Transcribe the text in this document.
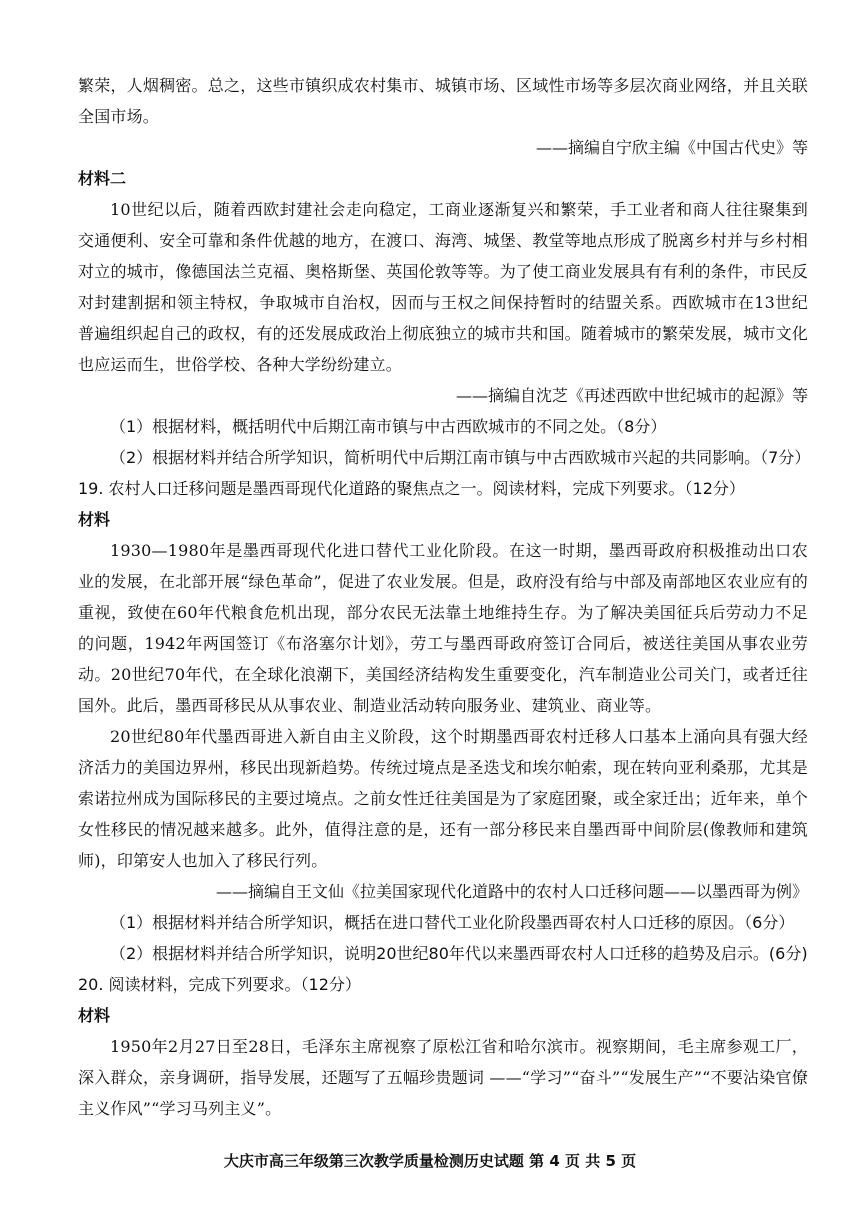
繁荣，人烟稠密。总之，这些市镇织成农村集市、城镇市场、区域性市场等多层次商业网络，并且关联全国市场。

——摘编自宁欣主编《中国古代史》等

材料二

10世纪以后，随着西欧封建社会走向稳定，工商业逐渐复兴和繁荣，手工业者和商人往往聚集到交通便利、安全可靠和条件优越的地方，在渡口、海湾、城堡、教堂等地点形成了脱离乡村并与乡村相对立的城市，像德国法兰克福、奥格斯堡、英国伦敦等等。为了使工商业发展具有有利的条件，市民反对封建割据和领主特权，争取城市自治权，因而与王权之间保持暂时的结盟关系。西欧城市在13世纪普遍组织起自己的政权，有的还发展成政治上彻底独立的城市共和国。随着城市的繁荣发展，城市文化也应运而生，世俗学校、各种大学纷纷建立。

——摘编自沈芝《再述西欧中世纪城市的起源》等

（1）根据材料，概括明代中后期江南市镇与中古西欧城市的不同之处。（8分）

（2）根据材料并结合所学知识，简析明代中后期江南市镇与中古西欧城市兴起的共同影响。（7分）

19. 农村人口迁移问题是墨西哥现代化道路的聚焦点之一。阅读材料，完成下列要求。（12分）

材料

1930—1980年是墨西哥现代化进口替代工业化阶段。在这一时期，墨西哥政府积极推动出口农业的发展，在北部开展“绿色革命”，促进了农业发展。但是，政府没有给与中部及南部地区农业应有的重视，致使在60年代粮食危机出现，部分农民无法靠土地维持生存。为了解决美国征兵后劳动力不足的问题，1942年两国签订《布洛塞尔计划》，劳工与墨西哥政府签订合同后，被送往美国从事农业劳动。20世纪70年代，在全球化浪潮下，美国经济结构发生重要变化，汽车制造业公司关门，或者迁往国外。此后，墨西哥移民从从事农业、制造业活动转向服务业、建筑业、商业等。

20世纪80年代墨西哥进入新自由主义阶段，这个时期墨西哥农村迁移人口基本上涌向具有强大经济活力的美国边界州，移民出现新趋势。传统过境点是圣迭戈和埃尔帕索，现在转向亚利桑那，尤其是索诺拉州成为国际移民的主要过境点。之前女性迁往美国是为了家庭团聚，或全家迁出；近年来，单个女性移民的情况越来越多。此外，值得注意的是，还有一部分移民来自墨西哥中间阶层(像教师和建筑师)，印第安人也加入了移民行列。

——摘编自王文仙《拉美国家现代化道路中的农村人口迁移问题——以墨西哥为例》

（1）根据材料并结合所学知识，概括在进口替代工业化阶段墨西哥农村人口迁移的原因。（6分）

（2）根据材料并结合所学知识，说明20世纪80年代以来墨西哥农村人口迁移的趋势及启示。(6分)

20. 阅读材料，完成下列要求。（12分）

材料

1950年2月27日至28日，毛泽东主席视察了原松江省和哈尔滨市。视察期间，毛主席参观工厂，深入群众，亲身调研，指导发展，还题写了五幅珍贵题词 ——“学习”“奋斗”“发展生产”“不要沾染官僚主义作风”“学习马列主义”。

大庆市高三年级第三次教学质量检测历史试题 第 4 页 共 5 页
